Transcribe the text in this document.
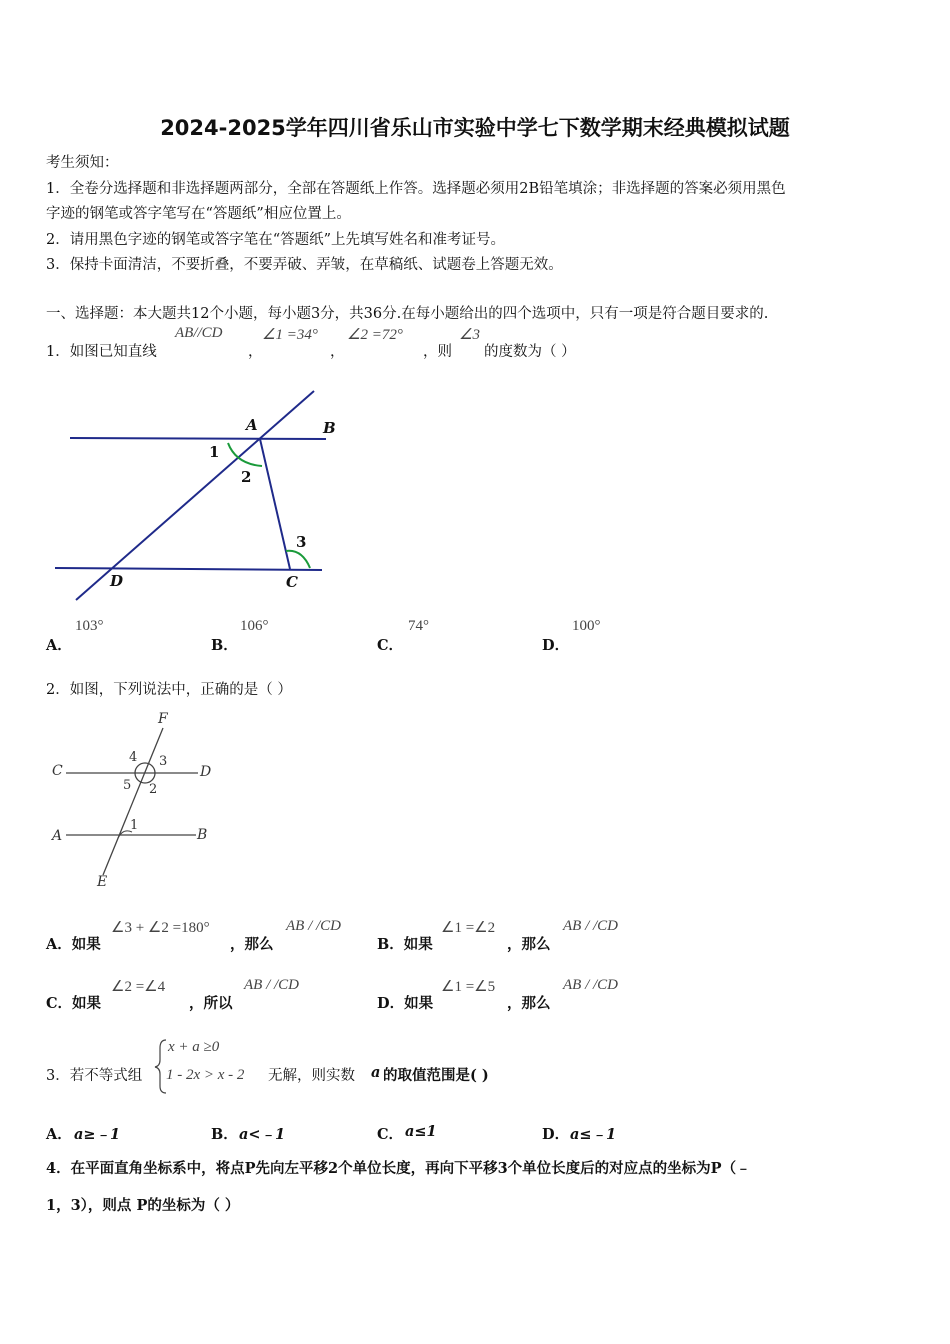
2024-2025学年四川省乐山市实验中学七下数学期末经典模拟试题
考生须知：
1．全卷分选择题和非选择题两部分，全部在答题纸上作答。选择题必须用2B铅笔填涂；非选择题的答案必须用黑色
字迹的钢笔或答字笔写在“答题纸”相应位置上。
2．请用黑色字迹的钢笔或答字笔在“答题纸”上先填写姓名和准考证号。
3．保持卡面清洁，不要折叠，不要弄破、弄皱，在草稿纸、试题卷上答题无效。
一、选择题：本大题共12个小题，每小题3分，共36分.在每小题给出的四个选项中，只有一项是符合题目要求的.
1．如图已知直线
AB//CD
，
∠1 =34°
，
∠2 =72°
，则
∠3
的度数为（ ）
A	B
C
D
1
2
3
A．
103°
B．
106°
C．
74°
D．
100°
2．如图，下列说法中，正确的是（ ）
F
C	D
A	B
E
1
2
3
4
5
A．如果
∠3 + ∠2 =180°
，那么
AB / /CD
B．如果
∠1 =∠2
，那么
AB / /CD
C．如果
∠2 =∠4
，所以
AB / /CD
D．如果
∠1 =∠5
，那么
AB / /CD
3．若不等式组
x + a ≥0
1 - 2x > x - 2 无解，则实数 a 的取值范围是( )
A． a≥﹣1	B． a<﹣1	C． a≤1	D． a≤﹣1
4．在平面直角坐标系中，将点P先向左平移2个单位长度，再向下平移3个单位长度后的对应点的坐标为P（﹣
1，3），则点 P的坐标为（ ）
